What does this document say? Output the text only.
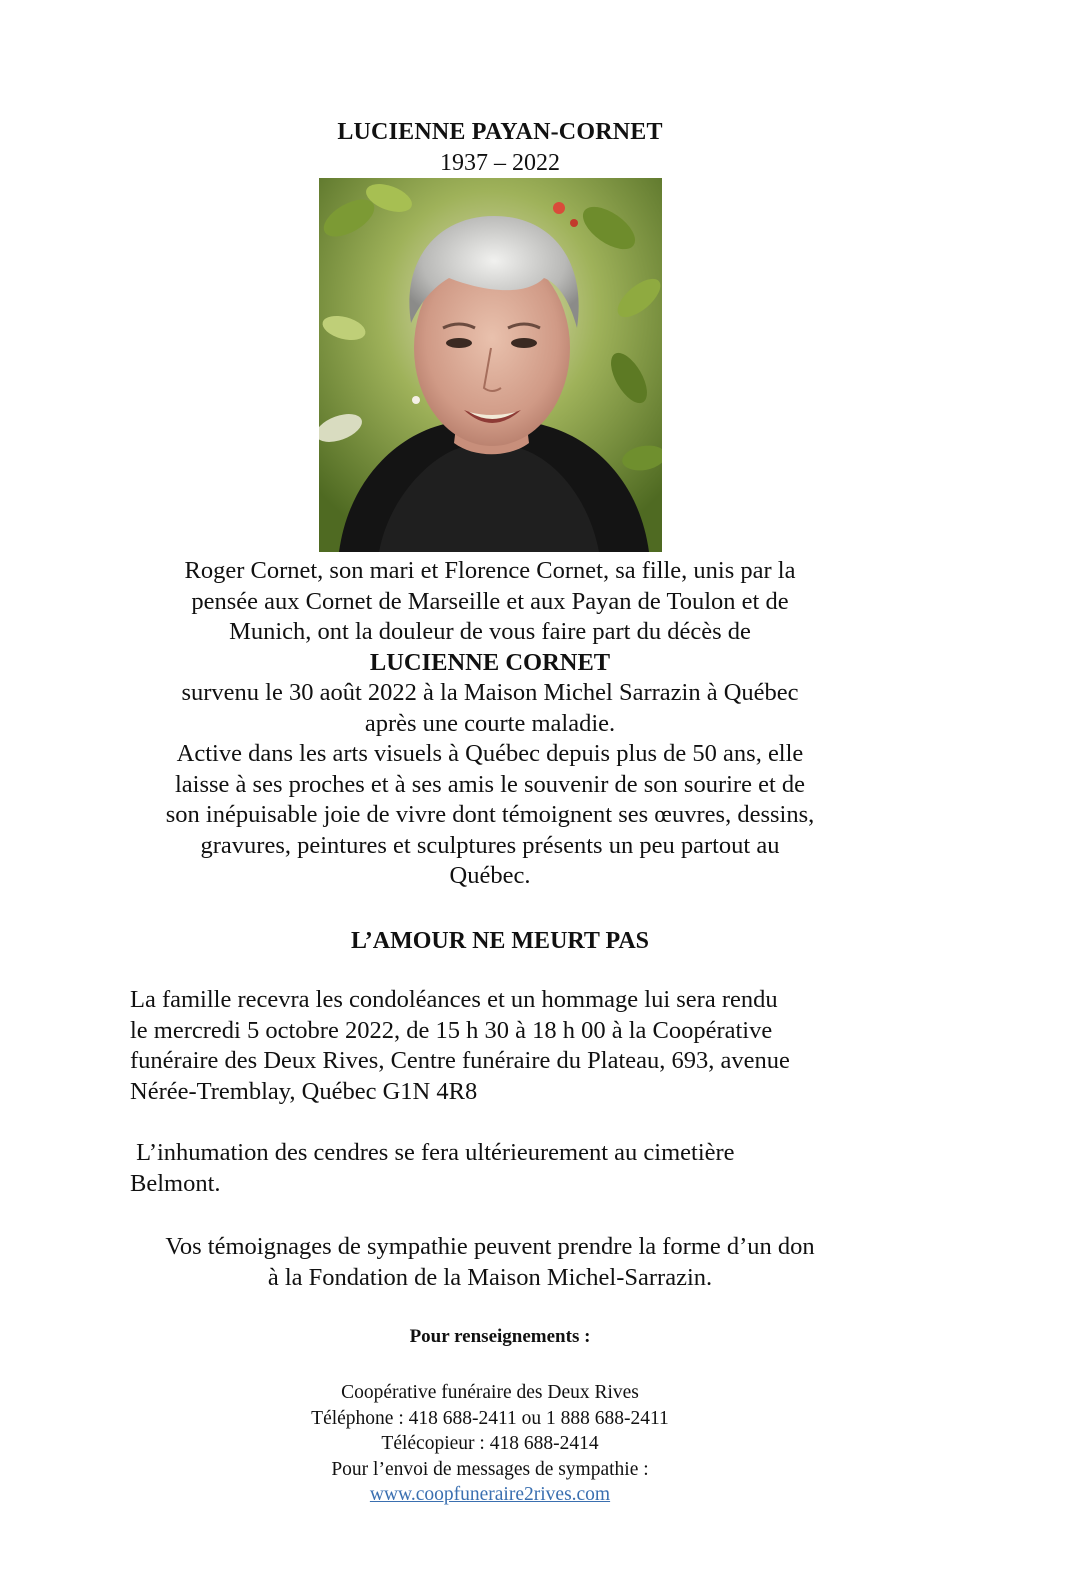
LUCIENNE PAYAN-CORNET
1937 – 2022
Roger Cornet, son mari et Florence Cornet, sa fille, unis par la
pensée aux Cornet de Marseille et aux Payan de Toulon et de
Munich, ont la douleur de vous faire part du décès de
LUCIENNE CORNET
survenu le 30 août 2022 à la Maison Michel Sarrazin à Québec
après une courte maladie.
Active dans les arts visuels à Québec depuis plus de 50 ans, elle
laisse à ses proches et à ses amis le souvenir de son sourire et de
son inépuisable joie de vivre dont témoignent ses œuvres, dessins,
gravures, peintures et sculptures présents un peu partout au
Québec.
L’AMOUR NE MEURT PAS
La famille recevra les condoléances et un hommage lui sera rendu
le mercredi 5 octobre 2022, de 15 h 30 à 18 h 00 à la Coopérative
funéraire des Deux Rives, Centre funéraire du Plateau, 693, avenue
Nérée-Tremblay, Québec G1N 4R8
L’inhumation des cendres se fera ultérieurement au cimetière
Belmont.
Vos témoignages de sympathie peuvent prendre la forme d’un don
à la Fondation de la Maison Michel-Sarrazin.
Pour renseignements :
Coopérative funéraire des Deux Rives
Téléphone : 418 688-2411 ou 1 888 688-2411
Télécopieur : 418 688-2414
Pour l’envoi de messages de sympathie :
www.coopfuneraire2rives.com
